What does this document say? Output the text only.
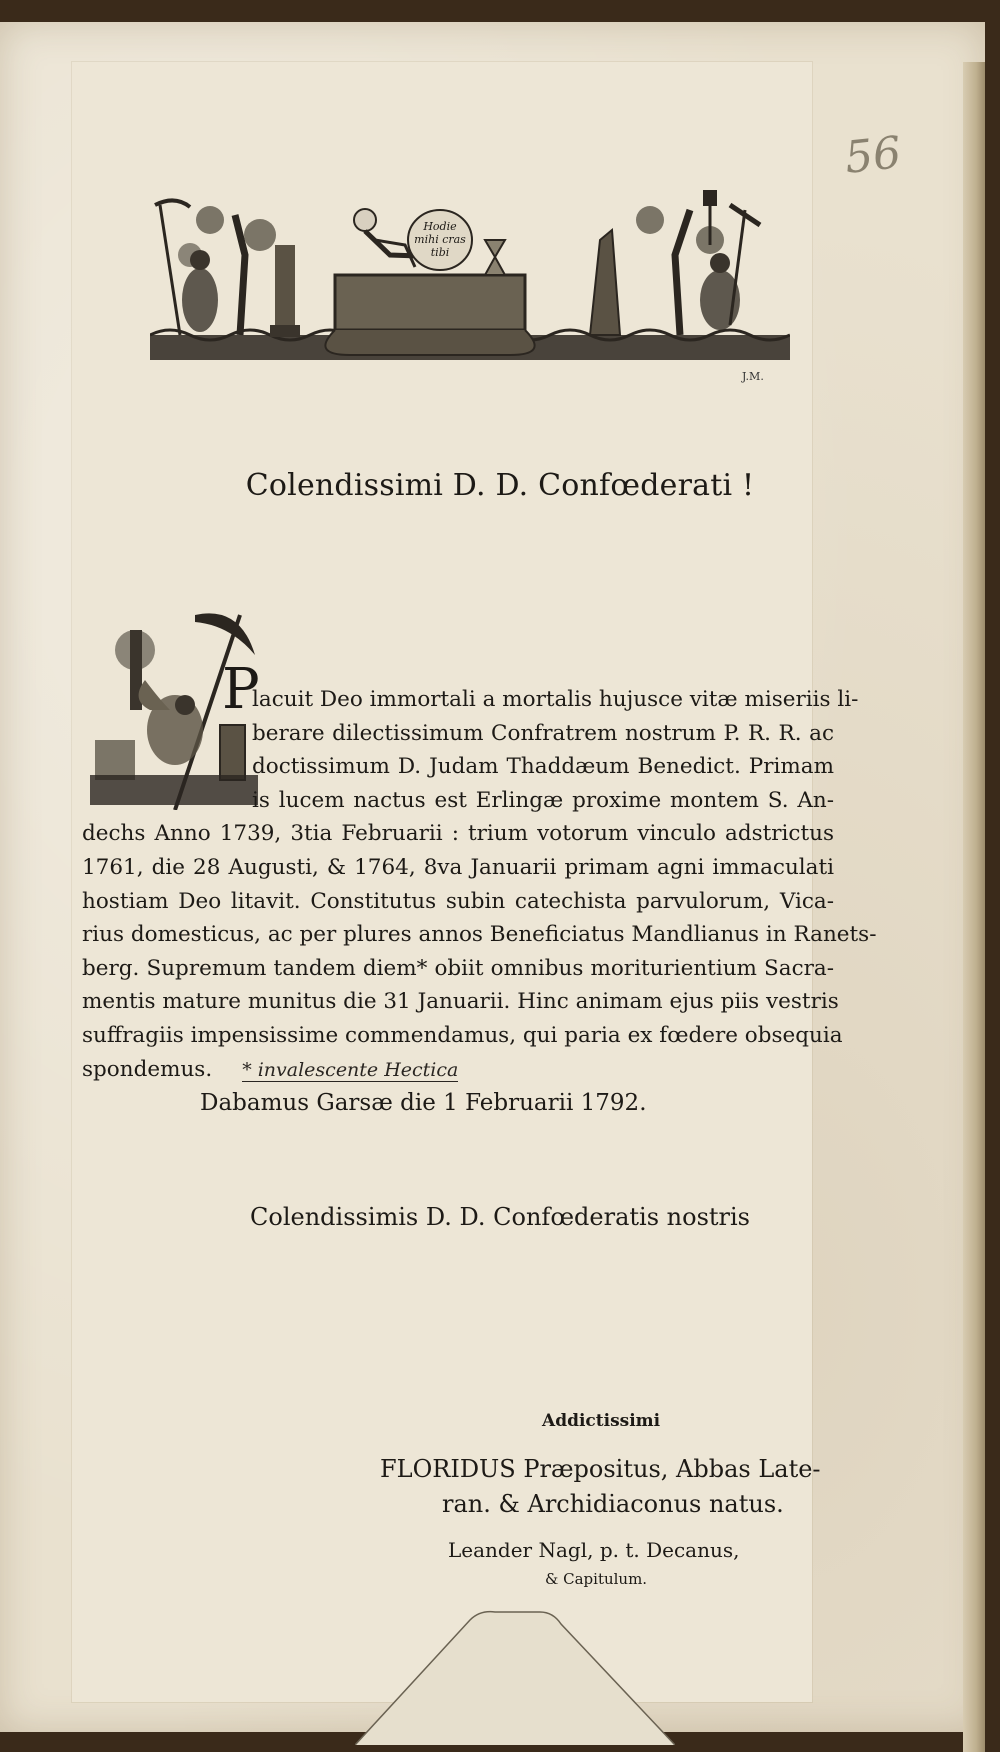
56
Hodie
mihi cras
tibi
J.M.
Colendissimi D. D. Confœderati !
P
lacuit Deo immortali a mortalis hujusce vitæ miseriis li-
berare dilectissimum Confratrem nostrum P. R. R. ac
doctissimum D. Judam Thaddæum Benedict. Primam
is lucem nactus est Erlingæ proxime montem S. An-
dechs Anno 1739, 3tia Februarii : trium votorum vinculo adstrictus
1761, die 28 Augusti, & 1764, 8va Januarii primam agni immaculati
hostiam Deo litavit. Constitutus subin catechista parvulorum, Vica-
rius domesticus, ac per plures annos Beneficiatus Mandlianus in Ranets-
berg. Supremum tandem diem* obiit omnibus moriturientium Sacra-
mentis mature munitus die 31 Januarii. Hinc animam ejus piis vestris
suffragiis impensissime commendamus, qui paria ex fœdere obsequia
spondemus. * invalescente Hectica
Dabamus Garsæ die 1 Februarii 1792.
Colendissimis D. D. Confœderatis nostris
Addictissimi
FLORIDUS Præpositus, Abbas Late-
ran. & Archidiaconus natus.
Leander Nagl, p. t. Decanus,
& Capitulum.
